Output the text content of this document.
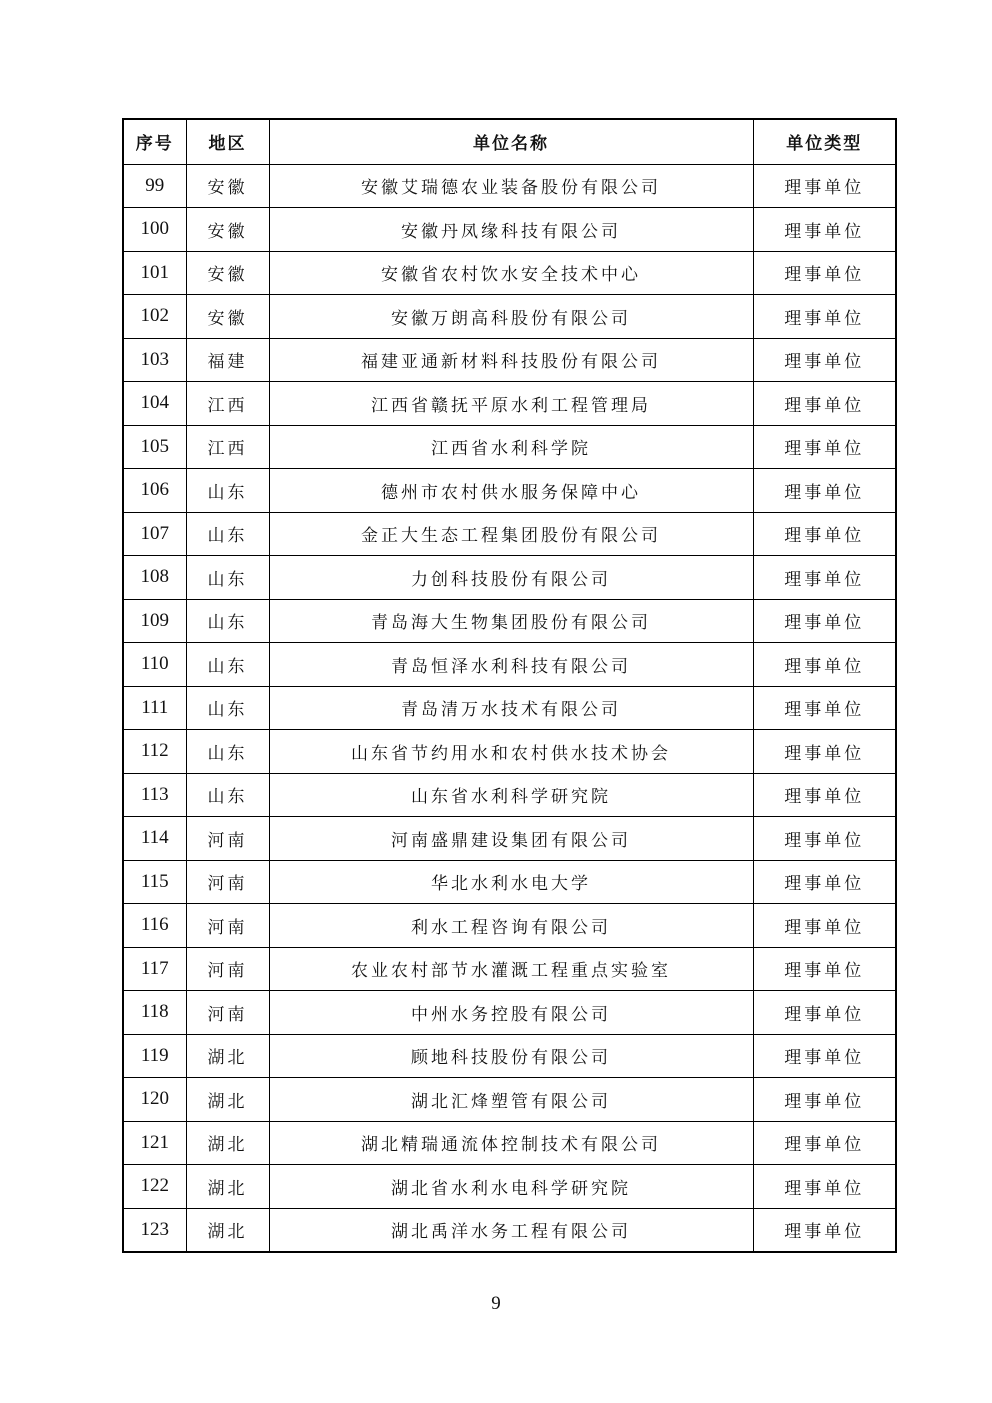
序号	地区	单位名称	单位类型
99	安徽	安徽艾瑞德农业装备股份有限公司	理事单位
100	安徽	安徽丹凤缘科技有限公司	理事单位
101	安徽	安徽省农村饮水安全技术中心	理事单位
102	安徽	安徽万朗高科股份有限公司	理事单位
103	福建	福建亚通新材料科技股份有限公司	理事单位
104	江西	江西省赣抚平原水利工程管理局	理事单位
105	江西	江西省水利科学院	理事单位
106	山东	德州市农村供水服务保障中心	理事单位
107	山东	金正大生态工程集团股份有限公司	理事单位
108	山东	力创科技股份有限公司	理事单位
109	山东	青岛海大生物集团股份有限公司	理事单位
110	山东	青岛恒泽水利科技有限公司	理事单位
111	山东	青岛清万水技术有限公司	理事单位
112	山东	山东省节约用水和农村供水技术协会	理事单位
113	山东	山东省水利科学研究院	理事单位
114	河南	河南盛鼎建设集团有限公司	理事单位
115	河南	华北水利水电大学	理事单位
116	河南	利水工程咨询有限公司	理事单位
117	河南	农业农村部节水灌溉工程重点实验室	理事单位
118	河南	中州水务控股有限公司	理事单位
119	湖北	顾地科技股份有限公司	理事单位
120	湖北	湖北汇烽塑管有限公司	理事单位
121	湖北	湖北精瑞通流体控制技术有限公司	理事单位
122	湖北	湖北省水利水电科学研究院	理事单位
123	湖北	湖北禹洋水务工程有限公司	理事单位
9
